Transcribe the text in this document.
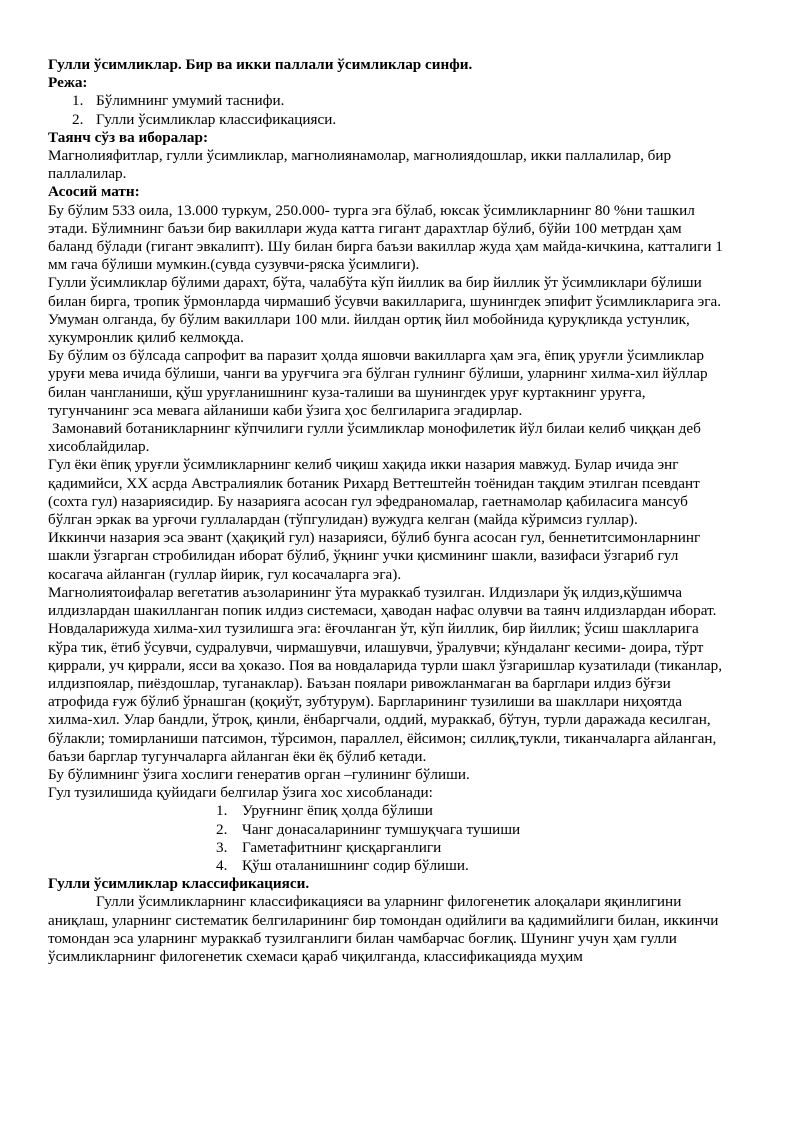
Гулли ўсимликлар. Бир ва икки паллали ўсимликлар синфи.

Режа:

1. Бўлимнинг умумий таснифи.
2. Гулли ўсимликлар классификацияси.

Таянч сўз ва иборалар:

Магнолияфитлар, гулли ўсимликлар, магнолиянамолар, магнолиядошлар, икки паллалилар, бир паллалилар.

Асосий матн:

Бу бўлим 533 оила, 13.000 туркум, 250.000- турга эга бўлаб, юксак ўсимликларнинг 80 %ни ташкил этади. Бўлимнинг баъзи бир вакиллари жуда катта гигант дарахтлар бўлиб, бўйи 100 метрдан ҳам баланд бўлади (гигант эвкалипт). Шу билан бирга баъзи вакиллар жуда ҳам майда-кичкина, катталиги 1 мм гача бўлиши мумкин.(сувда сузувчи-ряска ўсимлиги).

Гулли ўсимликлар бўлими дарахт, бўта, чалабўта кўп йиллик ва бир йиллик ўт ўсимликлари бўлиши билан бирга, тропик ўрмонларда чирмашиб ўсувчи вакилларига, шунингдек эпифит ўсимликларига эга. Умуман олганда, бу бўлим вакиллари 100 мли. йилдан ортиқ йил мобойнида қуруқликда устунлик, хукумронлик қилиб келмоқда.

Бу бўлим оз бўлсада сапрофит ва паразит ҳолда яшовчи вакилларга ҳам эга, ёпиқ уруғли ўсимликлар уруғи мева ичида бўлиши, чанги ва уруғчига эга бўлган гулнинг бўлиши, уларнинг хилма-хил йўллар билан чангланиши, қўш уруғланишнинг куза-талиши ва шунингдек уруғ куртакнинг уруғга, тугунчанинг эса мевага айланиши каби ўзига ҳос белгиларига эгадирлар.

Замонавий ботаникларнинг кўпчилиги гулли ўсимликлар монофилетик йўл билаи келиб чиққан деб хисоблайдилар.

Гул ёки ёпиқ уруғли ўсимликларнинг келиб чиқиш хақида икки назария мавжуд. Булар ичида энг қадимийси, XX асрда Австралиялик ботаник Рихард Веттештейн тоёнидан тақдим этилган псевдант (сохта гул) назариясидир. Бу назарияга асосан гул эфедраномалар, гаетнамолар қабиласига мансуб бўлган эркак ва урғочи гуллалардан (тўпгулидан) вужудга келган (майда кўримсиз гуллар).

Иккинчи назария эса эвант (ҳақиқий гул) назарияси, бўлиб бунга асосан гул, беннетитсимонларнинг шакли ўзгарган стробилидан иборат бўлиб, ўқнинг учки қисмининг шакли, вазифаси ўзгариб гул косагача айланган (гуллар йирик, гул косачаларга эга).

Магнолиятоифалар вегетатив аъзоларининг ўта мураккаб тузилган. Илдизлари ўқ илдиз,қўшимча илдизлардан шакилланган попик илдиз системаси, ҳаводан нафас олувчи ва таянч илдизлардан иборат.

Новдаларижуда хилма-хил тузилишга эга: ёғочланган ўт, кўп йиллик, бир йиллик; ўсиш шаклларига кўра тик, ётиб ўсувчи, судралувчи, чирмашувчи, илашувчи, ўралувчи; кўндаланг кесими- доира, тўрт қиррали, уч қиррали, ясси ва ҳоказо. Поя ва новдаларида турли шакл ўзгаришлар кузатилади (тиканлар, илдизпоялар, пиёздошлар, туганаклар). Баъзан поялари ривожланмаган ва барглари илдиз бўғзи атрофида ғуж бўлиб ўрнашган (қоқиўт, зубтурум). Баргларининг тузилиши ва шакллари ниҳоятда хилма-хил. Улар бандли, ўтроқ, қинли, ёнбаргчали, оддий, мураккаб, бўтун, турли даражада кесилган, бўлакли; томирланиши патсимон, тўрсимон, параллел, ёйсимон; силлиқ,тукли, тиканчаларга айланган, баъзи барглар тугунчаларга айланган ёки ёқ бўлиб кетади.

Бу бўлимнинг ўзига хослиги генератив орган –гулининг бўлиши.

Гул тузилишида қуйидаги белгилар ўзига хос хисобланади:

1. Уруғнинг ёпиқ ҳолда бўлиши
2. Чанг донасаларининг тумшуқчага тушиши
3. Гаметафитнинг қисқарганлиги
4. Қўш оталанишнинг содир бўлиши.

Гулли ўсимликлар классификацияси.

Гулли ўсимликларнинг классификацияси ва уларнинг филогенетик алоқалари яқинлигини аниқлаш, уларнинг систематик белгиларининг бир томондан одийлиги ва қадимийлиги билан, иккинчи томондан эса уларнинг мураккаб тузилганлиги билан чамбарчас боғлиқ. Шунинг учун ҳам гулли ўсимликларнинг филогенетик схемаси қараб чиқилганда, классификацияда муҳим
